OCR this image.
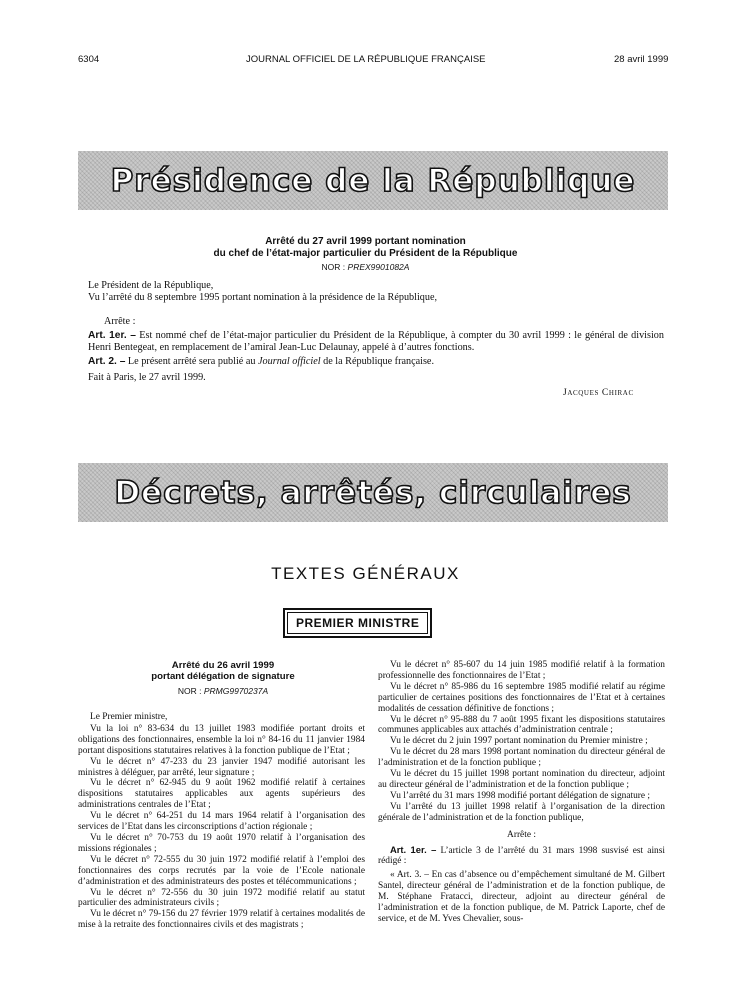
6304	JOURNAL OFFICIEL DE LA RÉPUBLIQUE FRANÇAISE	28 avril 1999
Présidence de la République
Arrêté du 27 avril 1999 portant nomination
du chef de l’état-major particulier du Président de la République
NOR : PREX9901082A
Le Président de la République,
Vu l’arrêté du 8 septembre 1995 portant nomination à la présidence de la République,
Arrête :
Art. 1er. – Est nommé chef de l’état-major particulier du Président de la République, à compter du 30 avril 1999 : le général de division Henri Bentegeat, en remplacement de l’amiral Jean-Luc Delaunay, appelé à d’autres fonctions.
Art. 2. – Le présent arrêté sera publié au Journal officiel de la République française.
Fait à Paris, le 27 avril 1999.
Jacques Chirac
Décrets, arrêtés, circulaires
TEXTES GÉNÉRAUX
PREMIER MINISTRE
Arrêté du 26 avril 1999
portant délégation de signature
NOR : PRMG9970237A

Le Premier ministre,

Vu la loi n° 83-634 du 13 juillet 1983 modifiée portant droits et obligations des fonctionnaires, ensemble la loi n° 84-16 du 11 janvier 1984 portant dispositions statutaires relatives à la fonction publique de l’Etat ;

Vu le décret n° 47-233 du 23 janvier 1947 modifié autorisant les ministres à déléguer, par arrêté, leur signature ;

Vu le décret n° 62-945 du 9 août 1962 modifié relatif à certaines dispositions statutaires applicables aux agents supérieurs des administrations centrales de l’Etat ;

Vu le décret n° 64-251 du 14 mars 1964 relatif à l’organisation des services de l’Etat dans les circonscriptions d’action régionale ;

Vu le décret n° 70-753 du 19 août 1970 relatif à l’organisation des missions régionales ;

Vu le décret n° 72-555 du 30 juin 1972 modifié relatif à l’emploi des fonctionnaires des corps recrutés par la voie de l’Ecole nationale d’administration et des administrateurs des postes et télécommunications ;

Vu le décret n° 72-556 du 30 juin 1972 modifié relatif au statut particulier des administrateurs civils ;

Vu le décret n° 79-156 du 27 février 1979 relatif à certaines modalités de mise à la retraite des fonctionnaires civils et des magistrats ;

Vu le décret n° 85-607 du 14 juin 1985 modifié relatif à la formation professionnelle des fonctionnaires de l’Etat ;

Vu le décret n° 85-986 du 16 septembre 1985 modifié relatif au régime particulier de certaines positions des fonctionnaires de l’Etat et à certaines modalités de cessation définitive de fonctions ;

Vu le décret n° 95-888 du 7 août 1995 fixant les dispositions statutaires communes applicables aux attachés d’administration centrale ;

Vu le décret du 2 juin 1997 portant nomination du Premier ministre ;

Vu le décret du 28 mars 1998 portant nomination du directeur général de l’administration et de la fonction publique ;

Vu le décret du 15 juillet 1998 portant nomination du directeur, adjoint au directeur général de l’administration et de la fonction publique ;

Vu l’arrêté du 31 mars 1998 modifié portant délégation de signature ;

Vu l’arrêté du 13 juillet 1998 relatif à l’organisation de la direction générale de l’administration et de la fonction publique,

Arrête :

Art. 1er. – L’article 3 de l’arrêté du 31 mars 1998 susvisé est ainsi rédigé :

« Art. 3. – En cas d’absence ou d’empêchement simultané de M. Gilbert Santel, directeur général de l’administration et de la fonction publique, de M. Stéphane Fratacci, directeur, adjoint au directeur général de l’administration et de la fonction publique, de M. Patrick Laporte, chef de service, et de M. Yves Chevalier, sous-
